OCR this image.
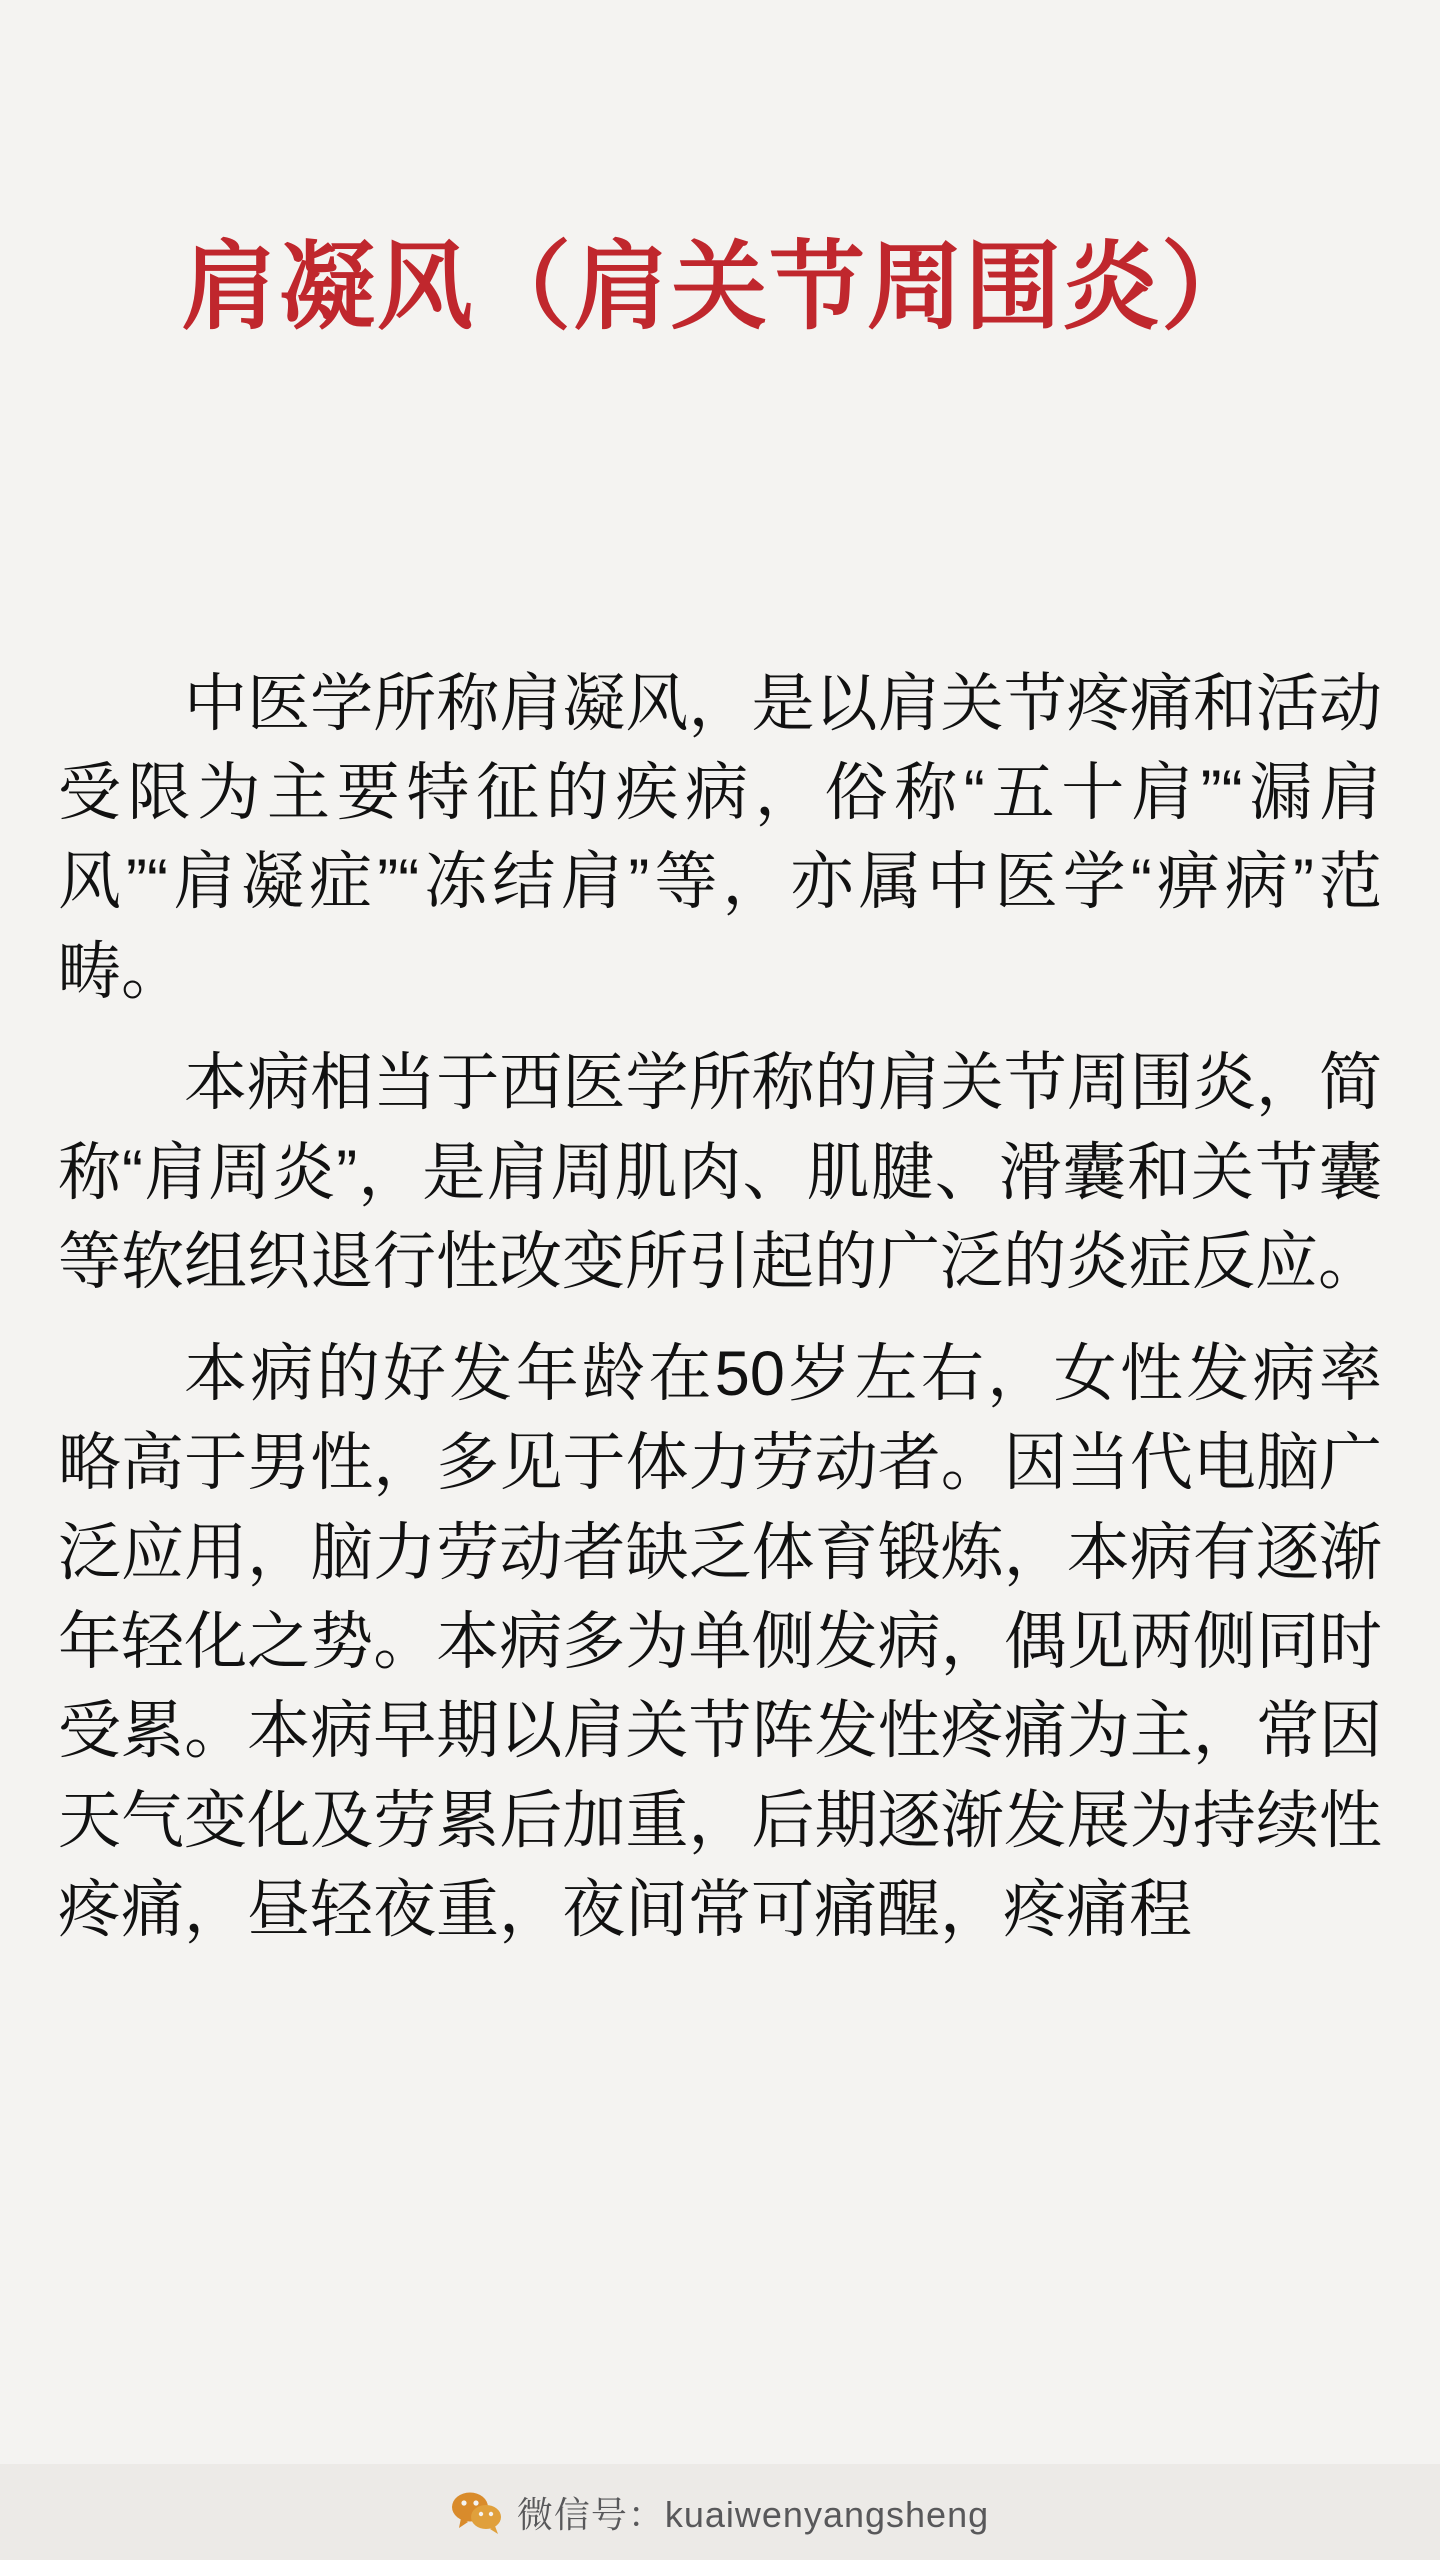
肩凝风（肩关节周围炎）

中医学所称肩凝风，是以肩关节疼痛和活动受限为主要特征的疾病，俗称“五十肩”“漏肩风”“肩凝症”“冻结肩”等，亦属中医学“痹病”范畴。

本病相当于西医学所称的肩关节周围炎，简称“肩周炎”，是肩周肌肉、肌腱、滑囊和关节囊等软组织退行性改变所引起的广泛的炎症反应。

本病的好发年龄在50岁左右，女性发病率略高于男性，多见于体力劳动者。因当代电脑广泛应用，脑力劳动者缺乏体育锻炼，本病有逐渐年轻化之势。本病多为单侧发病，偶见两侧同时受累。本病早期以肩关节阵发性疼痛为主，常因天气变化及劳累后加重，后期逐渐发展为持续性疼痛，昼轻夜重，夜间常可痛醒，疼痛程

微信号：kuaiwenyangsheng
